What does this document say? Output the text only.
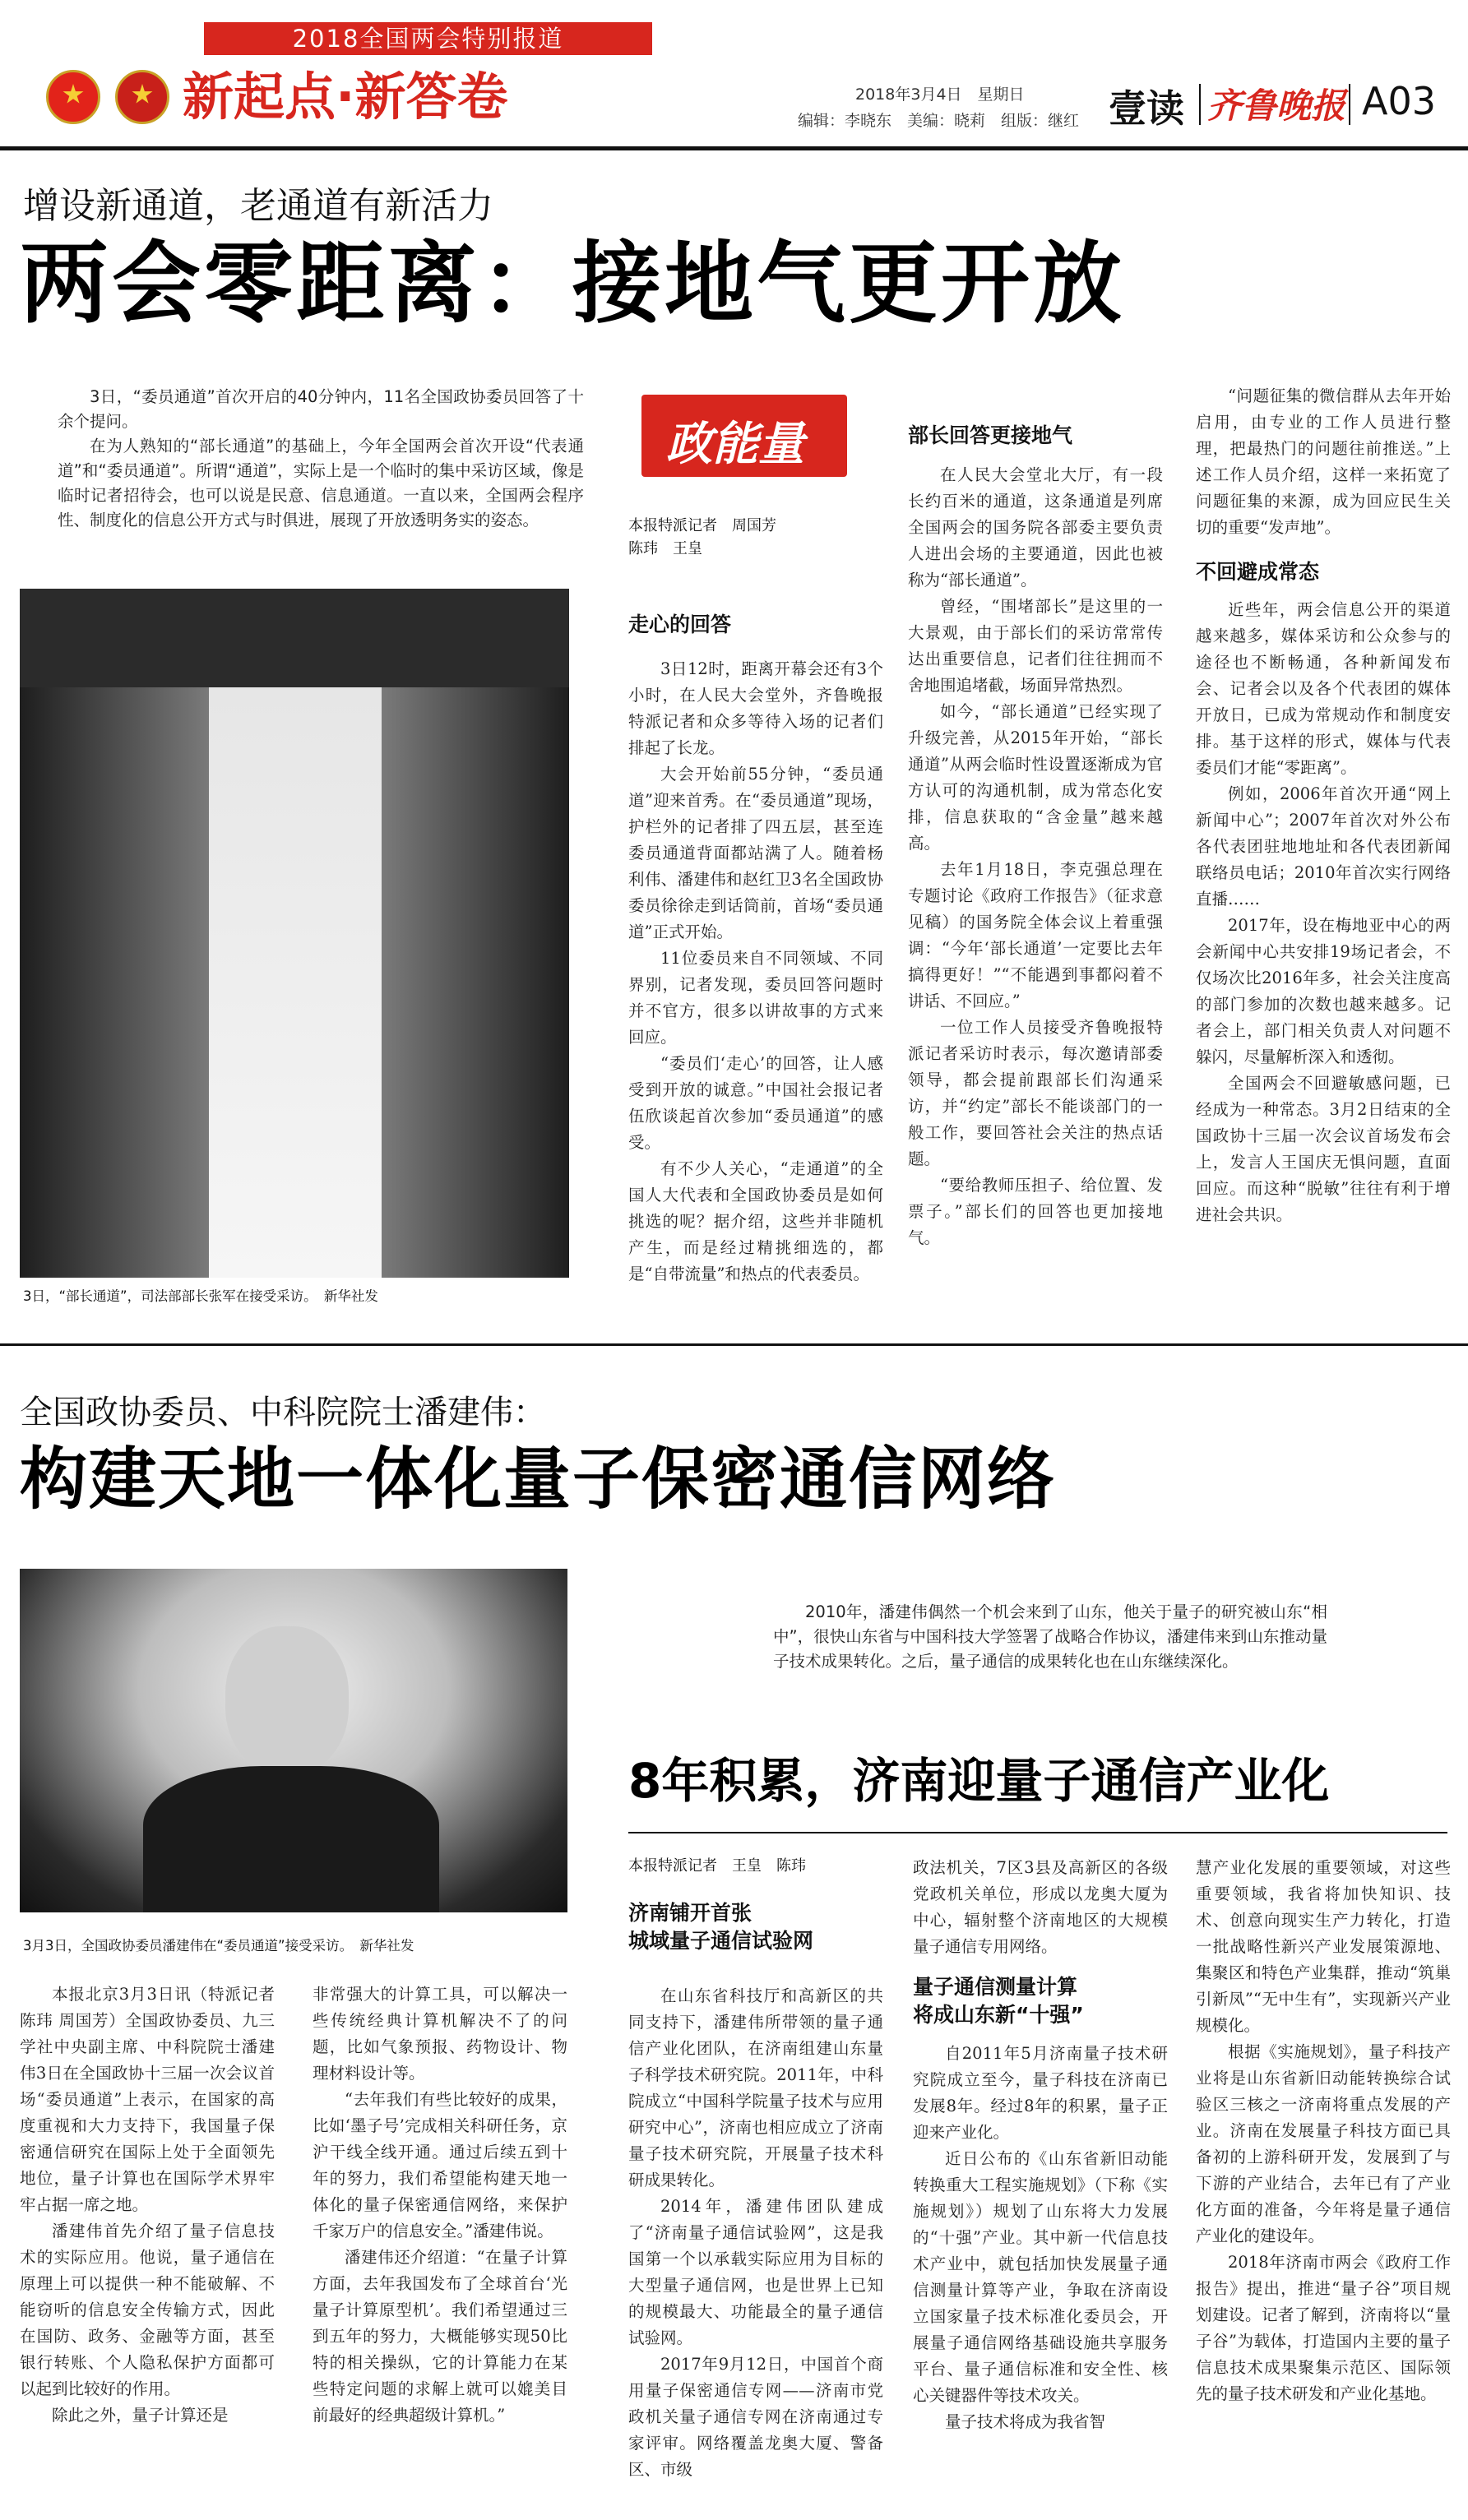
2018全国两会特别报道
新起点·新答卷	2018年3月4日　星期日
编辑：李晓东　美编：晓莉　组版：继红 壹读 齐鲁晚报 A03
增设新通道，老通道有新活力
两会零距离：接地气更开放

3日，“委员通道”首次开启的40分钟内，11名全国政协委员回答了十余个提问。

在为人熟知的“部长通道”的基础上，今年全国两会首次开设“代表通道”和“委员通道”。所谓“通道”，实际上是一个临时的集中采访区域，像是临时记者招待会，也可以说是民意、信息通道。一直以来，全国两会程序性、制度化的信息公开方式与时俱进，展现了开放透明务实的姿态。

3日，“部长通道”，司法部部长张军在接受采访。　新华社发
政能量
本报特派记者　周国芳
陈玮　王皇
走心的回答

3日12时，距离开幕会还有3个小时，在人民大会堂外，齐鲁晚报特派记者和众多等待入场的记者们排起了长龙。

大会开始前55分钟，“委员通道”迎来首秀。在“委员通道”现场，护栏外的记者排了四五层，甚至连委员通道背面都站满了人。随着杨利伟、潘建伟和赵红卫3名全国政协委员徐徐走到话筒前，首场“委员通道”正式开始。

11位委员来自不同领域、不同界别，记者发现，委员回答问题时并不官方，很多以讲故事的方式来回应。

“委员们‘走心’的回答，让人感受到开放的诚意。”中国社会报记者伍欣谈起首次参加“委员通道”的感受。

有不少人关心，“走通道”的全国人大代表和全国政协委员是如何挑选的呢？据介绍，这些并非随机产生，而是经过精挑细选的，都是“自带流量”和热点的代表委员。

部长回答更接地气

在人民大会堂北大厅，有一段长约百米的通道，这条通道是列席全国两会的国务院各部委主要负责人进出会场的主要通道，因此也被称为“部长通道”。

曾经，“围堵部长”是这里的一大景观，由于部长们的采访常常传达出重要信息，记者们往往拥而不舍地围追堵截，场面异常热烈。

如今，“部长通道”已经实现了升级完善，从2015年开始，“部长通道”从两会临时性设置逐渐成为官方认可的沟通机制，成为常态化安排，信息获取的“含金量”越来越高。

去年1月18日，李克强总理在专题讨论《政府工作报告》（征求意见稿）的国务院全体会议上着重强调：“今年‘部长通道’一定要比去年搞得更好！”“不能遇到事都闷着不讲话、不回应。”

一位工作人员接受齐鲁晚报特派记者采访时表示，每次邀请部委领导，都会提前跟部长们沟通采访，并“约定”部长不能谈部门的一般工作，要回答社会关注的热点话题。

“要给教师压担子、给位置、发票子。”部长们的回答也更加接地气。

“问题征集的微信群从去年开始启用，由专业的工作人员进行整理，把最热门的问题往前推送。”上述工作人员介绍，这样一来拓宽了问题征集的来源，成为回应民生关切的重要“发声地”。

不回避成常态

近些年，两会信息公开的渠道越来越多，媒体采访和公众参与的途径也不断畅通，各种新闻发布会、记者会以及各个代表团的媒体开放日，已成为常规动作和制度安排。基于这样的形式，媒体与代表委员们才能“零距离”。

例如，2006年首次开通“网上新闻中心”；2007年首次对外公布各代表团驻地地址和各代表团新闻联络员电话；2010年首次实行网络直播……

2017年，设在梅地亚中心的两会新闻中心共安排19场记者会，不仅场次比2016年多，社会关注度高的部门参加的次数也越来越多。记者会上，部门相关负责人对问题不躲闪，尽量解析深入和透彻。

全国两会不回避敏感问题，已经成为一种常态。3月2日结束的全国政协十三届一次会议首场发布会上，发言人王国庆无惧问题，直面回应。而这种“脱敏”往往有利于增进社会共识。

全国政协委员、中科院院士潘建伟：
构建天地一体化量子保密通信网络
3月3日，全国政协委员潘建伟在“委员通道”接受采访。　新华社发

本报北京3月3日讯（特派记者 陈玮 周国芳）全国政协委员、九三学社中央副主席、中科院院士潘建伟3日在全国政协十三届一次会议首场“委员通道”上表示，在国家的高度重视和大力支持下，我国量子保密通信研究在国际上处于全面领先地位，量子计算也在国际学术界牢牢占据一席之地。

潘建伟首先介绍了量子信息技术的实际应用。他说，量子通信在原理上可以提供一种不能破解、不能窃听的信息安全传输方式，因此在国防、政务、金融等方面，甚至银行转账、个人隐私保护方面都可以起到比较好的作用。

除此之外，量子计算还是

非常强大的计算工具，可以解决一些传统经典计算机解决不了的问题，比如气象预报、药物设计、物理材料设计等。

“去年我们有些比较好的成果，比如‘墨子号’完成相关科研任务，京沪干线全线开通。通过后续五到十年的努力，我们希望能构建天地一体化的量子保密通信网络，来保护千家万户的信息安全。”潘建伟说。

潘建伟还介绍道：“在量子计算方面，去年我国发布了全球首台‘光量子计算原型机’。我们希望通过三到五年的努力，大概能够实现50比特的相关操纵，它的计算能力在某些特定问题的求解上就可以媲美目前最好的经典超级计算机。”

2010年，潘建伟偶然一个机会来到了山东，他关于量子的研究被山东“相中”，很快山东省与中国科技大学签署了战略合作协议，潘建伟来到山东推动量子技术成果转化。之后，量子通信的成果转化也在山东继续深化。

8年积累，济南迎量子通信产业化
本报特派记者　王皇　陈玮
济南铺开首张
城域量子通信试验网

在山东省科技厅和高新区的共同支持下，潘建伟所带领的量子通信产业化团队，在济南组建山东量子科学技术研究院。2011年，中科院成立“中国科学院量子技术与应用研究中心”，济南也相应成立了济南量子技术研究院，开展量子技术科研成果转化。

2014年，潘建伟团队建成了“济南量子通信试验网”，这是我国第一个以承载实际应用为目标的大型量子通信网，也是世界上已知的规模最大、功能最全的量子通信试验网。

2017年9月12日，中国首个商用量子保密通信专网——济南市党政机关量子通信专网在济南通过专家评审。网络覆盖龙奥大厦、警备区、市级

政法机关，7区3县及高新区的各级党政机关单位，形成以龙奥大厦为中心，辐射整个济南地区的大规模量子通信专用网络。

量子通信测量计算
将成山东新“十强”

自2011年5月济南量子技术研究院成立至今，量子科技在济南已发展8年。经过8年的积累，量子正迎来产业化。

近日公布的《山东省新旧动能转换重大工程实施规划》（下称《实施规划》）规划了山东将大力发展的“十强”产业。其中新一代信息技术产业中，就包括加快发展量子通信测量计算等产业，争取在济南设立国家量子技术标准化委员会，开展量子通信网络基础设施共享服务平台、量子通信标准和安全性、核心关键器件等技术攻关。

量子技术将成为我省智

慧产业化发展的重要领域，对这些重要领域，我省将加快知识、技术、创意向现实生产力转化，打造一批战略性新兴产业发展策源地、集聚区和特色产业集群，推动“筑巢引新凤”“无中生有”，实现新兴产业规模化。

根据《实施规划》，量子科技产业将是山东省新旧动能转换综合试验区三核之一济南将重点发展的产业。济南在发展量子科技方面已具备初的上游科研开发，发展到了与下游的产业结合，去年已有了产业化方面的准备，今年将是量子通信产业化的建设年。

2018年济南市两会《政府工作报告》提出，推进“量子谷”项目规划建设。记者了解到，济南将以“量子谷”为载体，打造国内主要的量子信息技术成果聚集示范区、国际领先的量子技术研发和产业化基地。
